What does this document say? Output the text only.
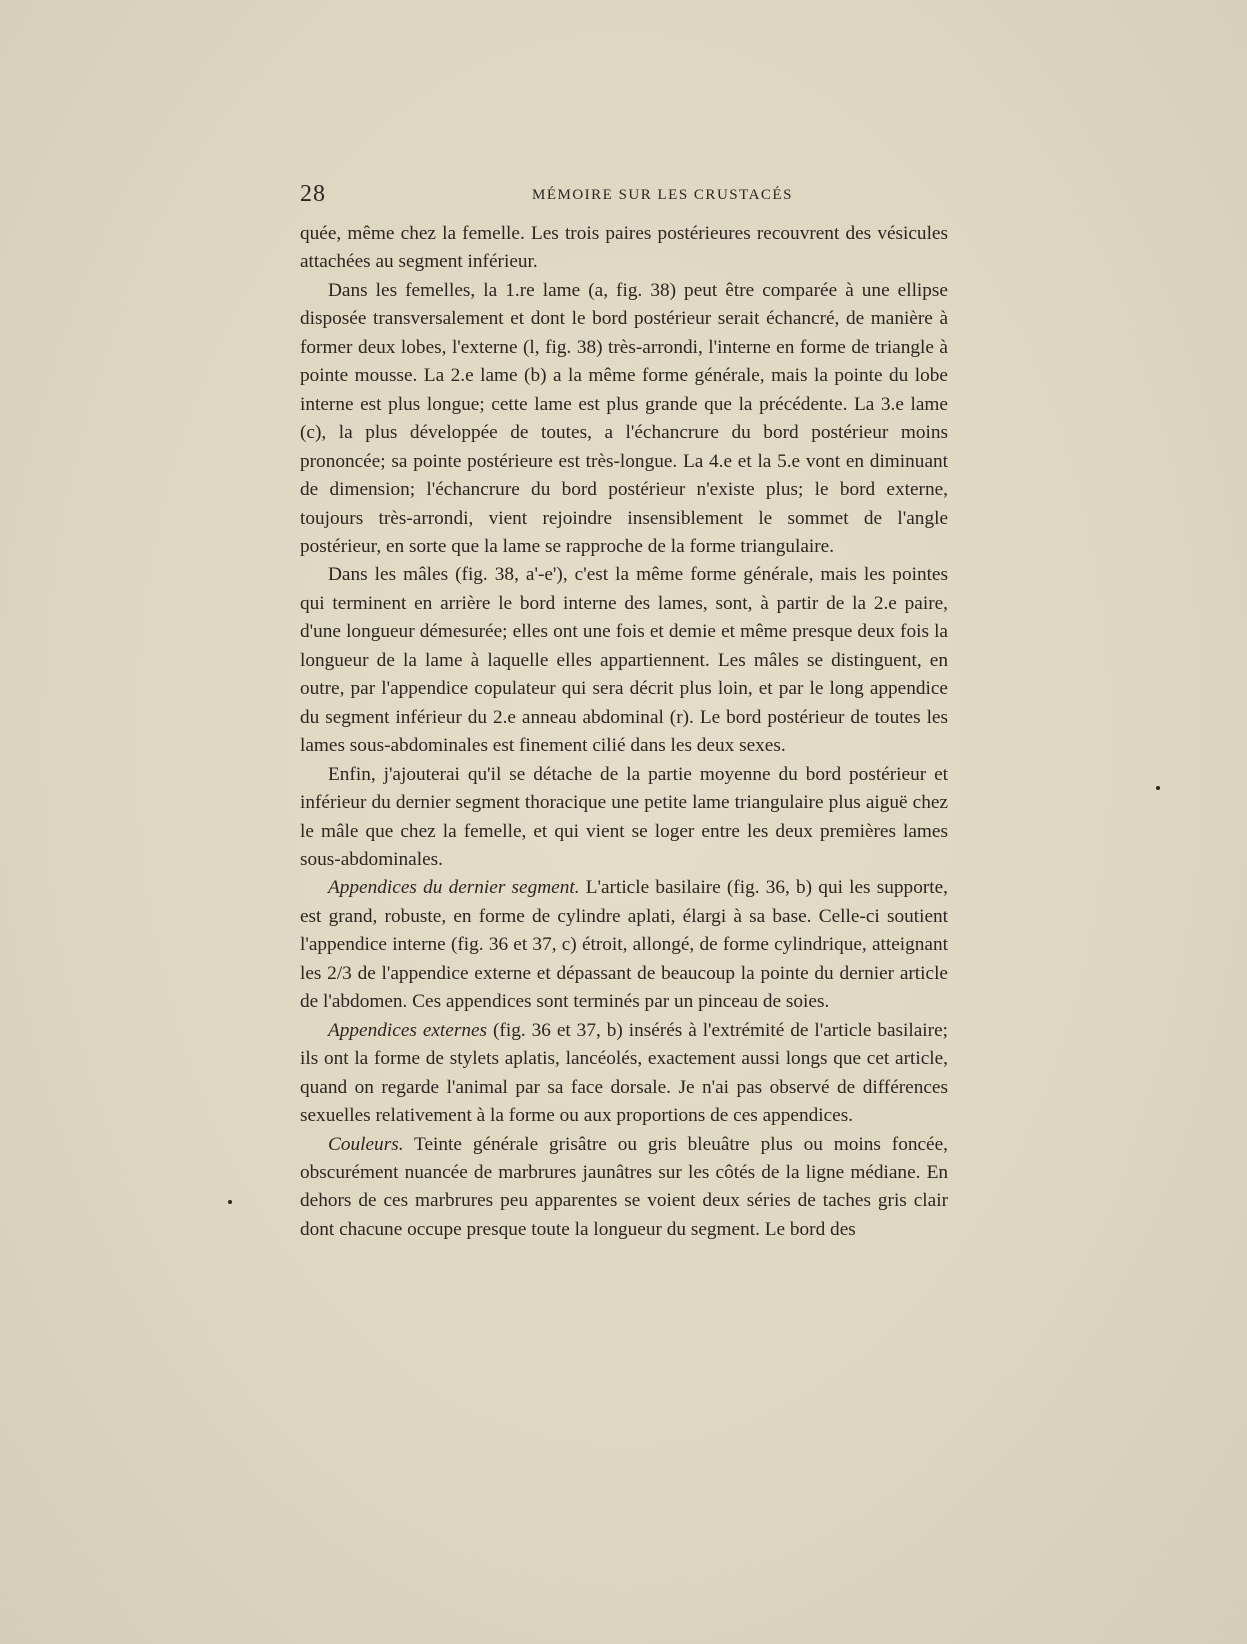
28	MÉMOIRE SUR LES CRUSTACÉS

quée, même chez la femelle. Les trois paires postérieures recouvrent des vésicules attachées au segment inférieur.

Dans les femelles, la 1.re lame (a, fig. 38) peut être comparée à une ellipse disposée transversalement et dont le bord postérieur serait échancré, de manière à former deux lobes, l'externe (l, fig. 38) très-arrondi, l'interne en forme de triangle à pointe mousse. La 2.e lame (b) a la même forme générale, mais la pointe du lobe interne est plus longue; cette lame est plus grande que la précédente. La 3.e lame (c), la plus développée de toutes, a l'échancrure du bord postérieur moins prononcée; sa pointe postérieure est très-longue. La 4.e et la 5.e vont en diminuant de dimension; l'échancrure du bord postérieur n'existe plus; le bord externe, toujours très-arrondi, vient rejoindre insensiblement le sommet de l'angle postérieur, en sorte que la lame se rapproche de la forme triangulaire.

Dans les mâles (fig. 38, a'-e'), c'est la même forme générale, mais les pointes qui terminent en arrière le bord interne des lames, sont, à partir de la 2.e paire, d'une longueur démesurée; elles ont une fois et demie et même presque deux fois la longueur de la lame à laquelle elles appartiennent. Les mâles se distinguent, en outre, par l'appendice copulateur qui sera décrit plus loin, et par le long appendice du segment inférieur du 2.e anneau abdominal (r). Le bord postérieur de toutes les lames sous-abdominales est finement cilié dans les deux sexes.

Enfin, j'ajouterai qu'il se détache de la partie moyenne du bord postérieur et inférieur du dernier segment thoracique une petite lame triangulaire plus aiguë chez le mâle que chez la femelle, et qui vient se loger entre les deux premières lames sous-abdominales.

Appendices du dernier segment. L'article basilaire (fig. 36, b) qui les supporte, est grand, robuste, en forme de cylindre aplati, élargi à sa base. Celle-ci soutient l'appendice interne (fig. 36 et 37, c) étroit, allongé, de forme cylindrique, atteignant les 2/3 de l'appendice externe et dépassant de beaucoup la pointe du dernier article de l'abdomen. Ces appendices sont terminés par un pinceau de soies.

Appendices externes (fig. 36 et 37, b) insérés à l'extrémité de l'article basilaire; ils ont la forme de stylets aplatis, lancéolés, exactement aussi longs que cet article, quand on regarde l'animal par sa face dorsale. Je n'ai pas observé de différences sexuelles relativement à la forme ou aux proportions de ces appendices.

Couleurs. Teinte générale grisâtre ou gris bleuâtre plus ou moins foncée, obscurément nuancée de marbrures jaunâtres sur les côtés de la ligne médiane. En dehors de ces marbrures peu apparentes se voient deux séries de taches gris clair dont chacune occupe presque toute la longueur du segment. Le bord des
